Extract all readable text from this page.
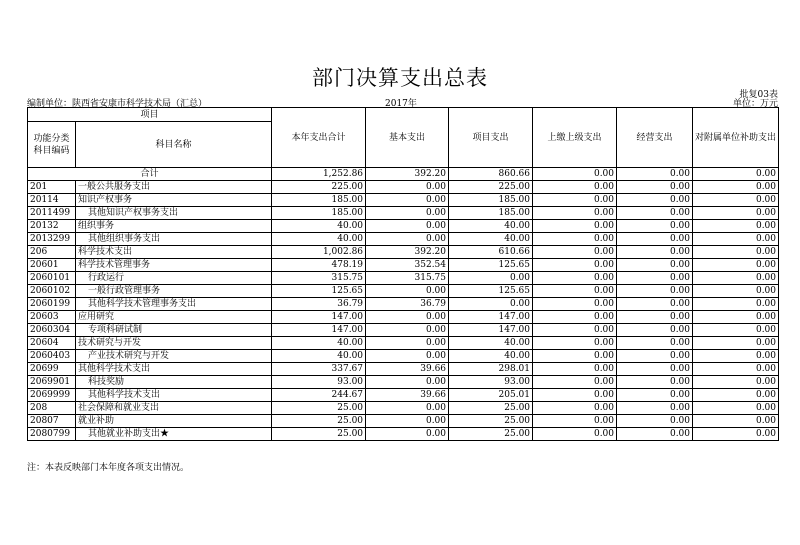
部门决算支出总表
批复03表
编制单位：陕西省安康市科学技术局（汇总）	2017年	单位：万元
项目		本年支出合计	基本支出	项目支出	上缴上级支出	经营支出	对附属单位补助支出
功能分类科目编码	科目名称						
合计		1,252.86	392.20	860.66	0.00	0.00	0.00
201	一般公共服务支出	225.00	0.00	225.00	0.00	0.00	0.00
20114	知识产权事务	185.00	0.00	185.00	0.00	0.00	0.00
2011499	其他知识产权事务支出	185.00	0.00	185.00	0.00	0.00	0.00
20132	组织事务	40.00	0.00	40.00	0.00	0.00	0.00
2013299	其他组织事务支出	40.00	0.00	40.00	0.00	0.00	0.00
206	科学技术支出	1,002.86	392.20	610.66	0.00	0.00	0.00
20601	科学技术管理事务	478.19	352.54	125.65	0.00	0.00	0.00
2060101	行政运行	315.75	315.75	0.00	0.00	0.00	0.00
2060102	一般行政管理事务	125.65	0.00	125.65	0.00	0.00	0.00
2060199	其他科学技术管理事务支出	36.79	36.79	0.00	0.00	0.00	0.00
20603	应用研究	147.00	0.00	147.00	0.00	0.00	0.00
2060304	专项科研试制	147.00	0.00	147.00	0.00	0.00	0.00
20604	技术研究与开发	40.00	0.00	40.00	0.00	0.00	0.00
2060403	产业技术研究与开发	40.00	0.00	40.00	0.00	0.00	0.00
20699	其他科学技术支出	337.67	39.66	298.01	0.00	0.00	0.00
2069901	科技奖励	93.00	0.00	93.00	0.00	0.00	0.00
2069999	其他科学技术支出	244.67	39.66	205.01	0.00	0.00	0.00
208	社会保障和就业支出	25.00	0.00	25.00	0.00	0.00	0.00
20807	就业补助	25.00	0.00	25.00	0.00	0.00	0.00
2080799	其他就业补助支出★	25.00	0.00	25.00	0.00	0.00	0.00
注：本表反映部门本年度各项支出情况。
